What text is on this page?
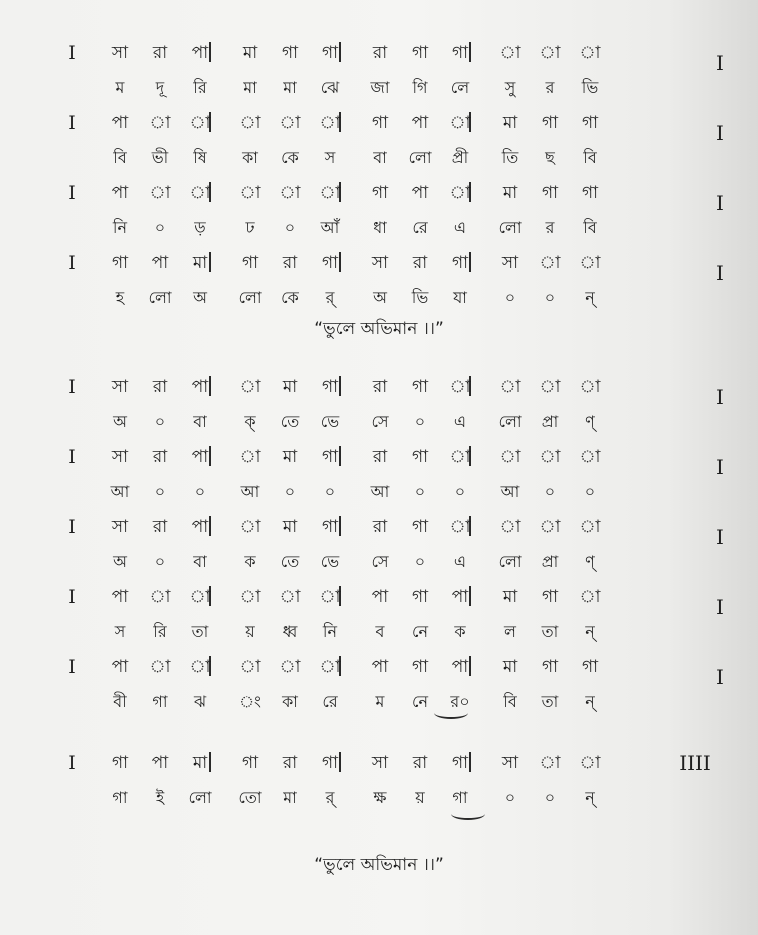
I	সা	রা	পা	মা	গা	গা	রা	গা	গা	া	া	া	I
ম	দূ	রি	মা	মা	ঝে	জা	গি	লে	সু	র	ভি
I	পা	া	া	া	া	া	গা	পা	া	মা	গা	গা	I
বি	ভী	ষি	কা	কে	স	বা	লো	প্রী	তি	ছ	বি
I	পা	া	া	া	া	া	গা	পা	া	মা	গা	গা	I
নি	০	ড়	ঢ	০	আঁ	ধা	রে	এ	লো	র	বি
I	গা	পা	মা	গা	রা	গা	সা	রা	গা	সা	া	া	I
হ	লো	অ	লো	কে	র্	অ	ভি	যা	০	০	ন্
I	সা	রা	পা	া	মা	গা	রা	গা	া	া	া	া	I
অ	০	বা	ক্	তে	ভে	সে	০	এ	লো	প্রা	ণ্
I	সা	রা	পা	া	মা	গা	রা	গা	া	া	া	া	I
আ	০	০	আ	০	০	আ	০	০	আ	০	০
I	সা	রা	পা	া	মা	গা	রা	গা	া	া	া	া	I
অ	০	বা	ক	তে	ভে	সে	০	এ	লো	প্রা	ণ্
I	পা	া	া	া	া	া	পা	গা	পা	মা	গা	া	I
স	রি	তা	য়	ধ্ব	নি	ব	নে	ক	ল	তা	ন্
I	পা	া	া	া	া	া	পা	গা	পা	মা	গা	গা	I
বী	গা	ঝ	ং	কা	রে	ম	নে	র০	বি	তা	ন্
I	গা	পা	মা	গা	রা	গা	সা	রা	গা	সা	া	া	IIII
গা	ই	লো	তো	মা	র্	ক্ষ	য়	গা	০	০	ন্
“ভুলে অভিমান ।।”
“ভুলে অভিমান ।।”
